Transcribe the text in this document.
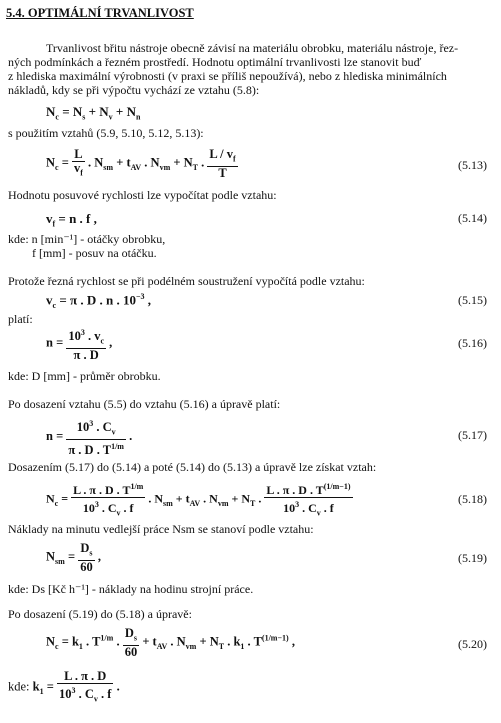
5.4. OPTIMÁLNÍ TRVANLIVOST
Trvanlivost břitu nástroje obecně závisí na materiálu obrobku, materiálu nástroje, řez-
ných podmínkách a řezném prostředí. Hodnotu optimální trvanlivosti lze stanovit buď
z hlediska maximální výrobnosti (v praxi se příliš nepoužívá), nebo z hlediska minimálních
nákladů, kdy se při výpočtu vychází ze vztahu (5.8):
$N_c = N_s + N_v + N_n$
s použitím vztahů (5.9, 5.10, 5.12, 5.13):
$N_c = \frac{L}{v_f}$ . $N_{sm} + t_{AV}$ . $N_{vm} + N_T$ . $\frac{L / v_f}{T}$	(5.13)
Hodnotu posuvové rychlosti lze vypočítat podle vztahu:
$v_f = n$ . f ,	(5.14)
kde: n [min⁻¹] - otáčky obrobku,
f [mm] - posuv na otáčku.
Protože řezná rychlost se při podélném soustružení vypočítá podle vztahu:
$v_c = \pi$ . D . n . $10^{-3}$ ,	(5.15)
platí:
$n = \frac{10^3 . v_c}{\pi . D}$ ,	(5.16)
kde: D [mm] - průměr obrobku.
Po dosazení vztahu (5.5) do vztahu (5.16) a úpravě platí:
$n = \frac{10^3 . C_v}{\pi . D . T^{1/m}}$ .	(5.17)
Dosazením (5.17) do (5.14) a poté (5.14) do (5.13) a úpravě lze získat vztah:
$N_c = \frac{L . \pi . D . T^{1/m}}{10^3 . C_v . f}$ . $N_{sm} + t_{AV}$ . $N_{vm} + N_T$ . $\frac{L . \pi . D . T^{(1/m-1)}}{10^3 . C_v . f}$	(5.18)
Náklady na minutu vedlejší práce Nsm se stanoví podle vztahu:
$N_{sm} = \frac{D_s}{60}$ ,	(5.19)
kde: Ds [Kč h⁻¹] - náklady na hodinu strojní práce.
Po dosazení (5.19) do (5.18) a úpravě:
$N_c = k_1$ . $T^{1/m}$ . $\frac{D_s}{60} + t_{AV}$ . $N_{vm} + N_T$ . $k_1$ . $T^{(1/m-1)}$ ,	(5.20)
kde: $k_1 = \frac{L . \pi . D}{10^3 . C_v . f}$ .
